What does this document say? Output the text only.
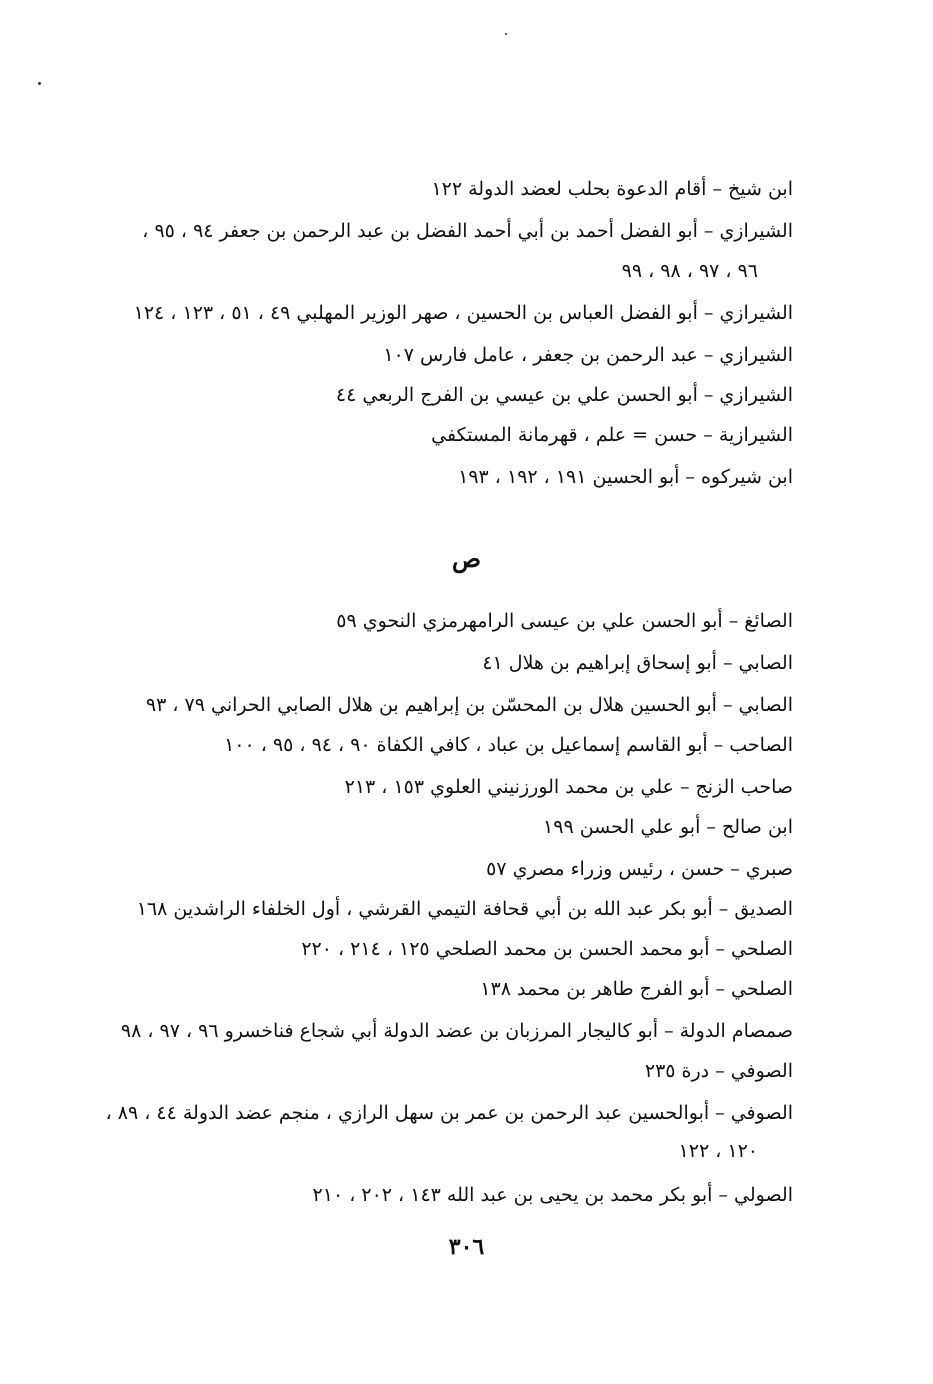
ابن شيخ – أقام الدعوة بحلب لعضد الدولة ١٢٢
الشيرازي – أبو الفضل أحمد بن أبي أحمد الفضل بن عبد الرحمن بن جعفر ٩٤ ، ٩٥ ،
٩٦ ، ٩٧ ، ٩٨ ، ٩٩
الشيرازي – أبو الفضل العباس بن الحسين ، صهر الوزير المهلبي ٤٩ ، ٥١ ، ١٢٣ ، ١٢٤
الشيرازي – عبد الرحمن بن جعفر ، عامل فارس ١٠٧
الشيرازي – أبو الحسن علي بن عيسي بن الفرج الربعي ٤٤
الشيرازية – حسن = علم ، قهرمانة المستكفي
ابن شيركوه – أبو الحسين ١٩١ ، ١٩٢ ، ١٩٣
ص
الصائغ – أبو الحسن علي بن عيسى الرامهرمزي النحوي ٥٩
الصابي – أبو إسحاق إبراهيم بن هلال ٤١
الصابي – أبو الحسين هلال بن المحسّن بن إبراهيم بن هلال الصابي الحراني ٧٩ ، ٩٣
الصاحب – أبو القاسم إسماعيل بن عباد ، كافي الكفاة ٩٠ ، ٩٤ ، ٩٥ ، ١٠٠
صاحب الزنج – علي بن محمد الورزنيني العلوي ١٥٣ ، ٢١٣
ابن صالح – أبو علي الحسن ١٩٩
صبري – حسن ، رئيس وزراء مصري ٥٧
الصديق – أبو بكر عبد الله بن أبي قحافة التيمي القرشي ، أول الخلفاء الراشدين ١٦٨
الصلحي – أبو محمد الحسن بن محمد الصلحي ١٢٥ ، ٢١٤ ، ٢٢٠
الصلحي – أبو الفرج طاهر بن محمد ١٣٨
صمصام الدولة – أبو كاليجار المرزبان بن عضد الدولة أبي شجاع فناخسرو ٩٦ ، ٩٧ ، ٩٨
الصوفي – درة ٢٣٥
الصوفي – أبوالحسين عبد الرحمن بن عمر بن سهل الرازي ، منجم عضد الدولة ٤٤ ، ٨٩ ،
١٢٠ ، ١٢٢
الصولي – أبو بكر محمد بن يحيى بن عبد الله ١٤٣ ، ٢٠٢ ، ٢١٠
٣٠٦
